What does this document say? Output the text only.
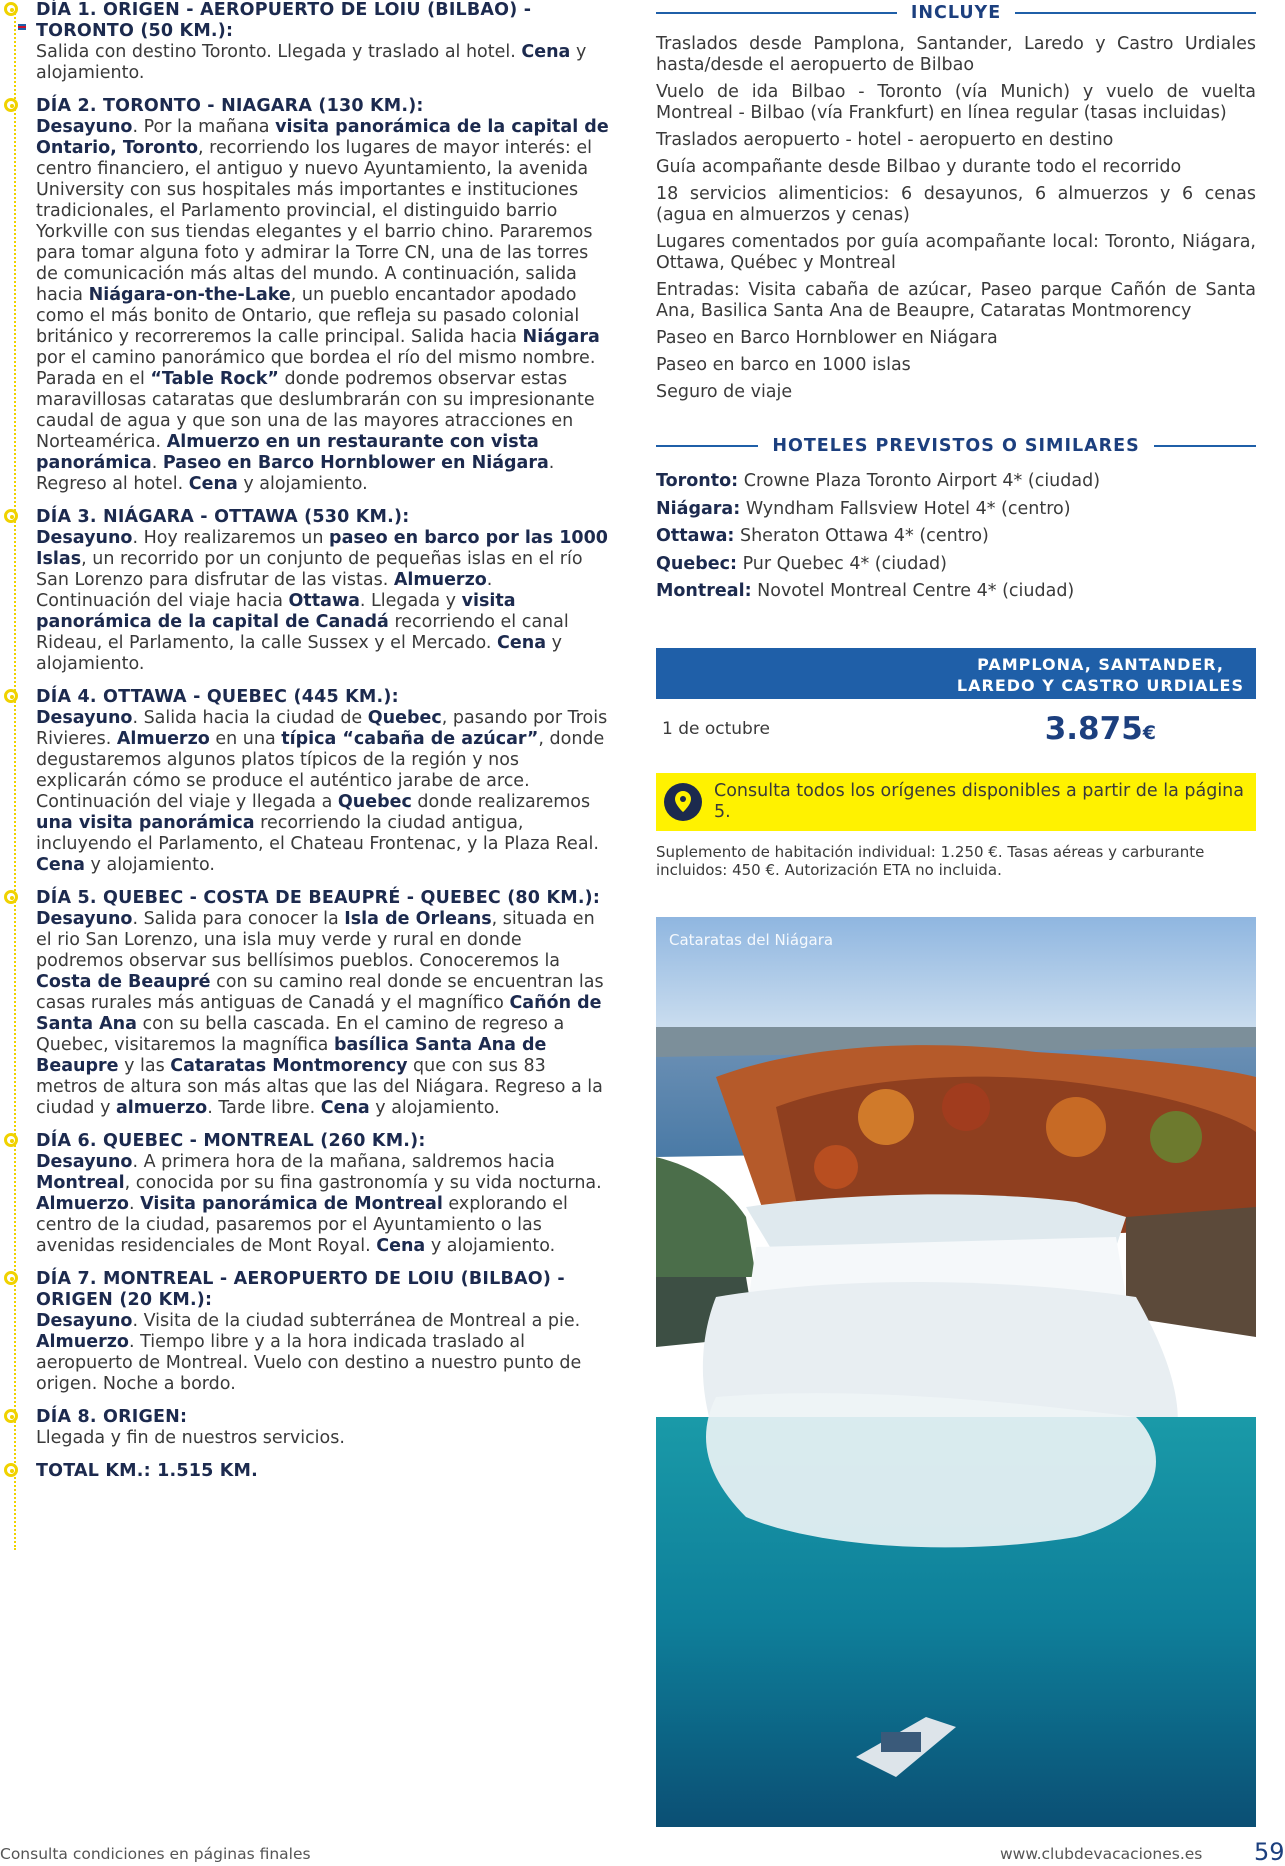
DÍA 1. ORIGEN - AEROPUERTO DE LOIU (BILBAO) - TORONTO (50 KM.):
Salida con destino Toronto. Llegada y traslado al hotel. Cena y alojamiento.
DÍA 2. TORONTO - NIAGARA (130 KM.):
Desayuno. Por la mañana visita panorámica de la capital de Ontario, Toronto, recorriendo los lugares de mayor interés: el centro financiero, el antiguo y nuevo Ayuntamiento, la avenida University con sus hospitales más importantes e instituciones tradicionales, el Parlamento provincial, el distinguido barrio Yorkville con sus tiendas elegantes y el barrio chino. Pararemos para tomar alguna foto y admirar la Torre CN, una de las torres de comunicación más altas del mundo. A continuación, salida hacia Niágara-on-the-Lake, un pueblo encantador apodado como el más bonito de Ontario, que refleja su pasado colonial británico y recorreremos la calle principal. Salida hacia Niágara por el camino panorámico que bordea el río del mismo nombre. Parada en el “Table Rock” donde podremos observar estas maravillosas cataratas que deslumbrarán con su impresionante caudal de agua y que son una de las mayores atracciones en Norteamérica. Almuerzo en un restaurante con vista panorámica. Paseo en Barco Hornblower en Niágara. Regreso al hotel. Cena y alojamiento.
DÍA 3. NIÁGARA - OTTAWA (530 KM.):
Desayuno. Hoy realizaremos un paseo en barco por las 1000 Islas, un recorrido por un conjunto de pequeñas islas en el río San Lorenzo para disfrutar de las vistas. Almuerzo. Continuación del viaje hacia Ottawa. Llegada y visita panorámica de la capital de Canadá recorriendo el canal Rideau, el Parlamento, la calle Sussex y el Mercado. Cena y alojamiento.
DÍA 4. OTTAWA - QUEBEC (445 KM.):
Desayuno. Salida hacia la ciudad de Quebec, pasando por Trois Rivieres. Almuerzo en una típica “cabaña de azúcar”, donde degustaremos algunos platos típicos de la región y nos explicarán cómo se produce el auténtico jarabe de arce. Continuación del viaje y llegada a Quebec donde realizaremos una visita panorámica recorriendo la ciudad antigua, incluyendo el Parlamento, el Chateau Frontenac, y la Plaza Real. Cena y alojamiento.
DÍA 5. QUEBEC - COSTA DE BEAUPRÉ - QUEBEC (80 KM.):
Desayuno. Salida para conocer la Isla de Orleans, situada en el rio San Lorenzo, una isla muy verde y rural en donde podremos observar sus bellísimos pueblos. Conoceremos la Costa de Beaupré con su camino real donde se encuentran las casas rurales más antiguas de Canadá y el magnífico Cañón de Santa Ana con su bella cascada. En el camino de regreso a Quebec, visitaremos la magnífica basílica Santa Ana de Beaupre y las Cataratas Montmorency que con sus 83 metros de altura son más altas que las del Niágara. Regreso a la ciudad y almuerzo. Tarde libre. Cena y alojamiento.
DÍA 6. QUEBEC - MONTREAL (260 KM.):
Desayuno. A primera hora de la mañana, saldremos hacia Montreal, conocida por su fina gastronomía y su vida nocturna. Almuerzo. Visita panorámica de Montreal explorando el centro de la ciudad, pasaremos por el Ayuntamiento o las avenidas residenciales de Mont Royal. Cena y alojamiento.
DÍA 7. MONTREAL - AEROPUERTO DE LOIU (BILBAO) - ORIGEN (20 KM.):
Desayuno. Visita de la ciudad subterránea de Montreal a pie. Almuerzo. Tiempo libre y a la hora indicada traslado al aeropuerto de Montreal. Vuelo con destino a nuestro punto de origen. Noche a bordo.
DÍA 8. ORIGEN:
Llegada y fin de nuestros servicios.
TOTAL KM.: 1.515 KM.
INCLUYE
Traslados desde Pamplona, Santander, Laredo y Castro Urdiales hasta/desde el aeropuerto de Bilbao
Vuelo de ida Bilbao - Toronto (vía Munich) y vuelo de vuelta Montreal - Bilbao (vía Frankfurt) en línea regular (tasas incluidas)
Traslados aeropuerto - hotel - aeropuerto en destino
Guía acompañante desde Bilbao y durante todo el recorrido
18 servicios alimenticios: 6 desayunos, 6 almuerzos y 6 cenas (agua en almuerzos y cenas)
Lugares comentados por guía acompañante local: Toronto, Niágara, Ottawa, Québec y Montreal
Entradas: Visita cabaña de azúcar, Paseo parque Cañón de Santa Ana, Basilica Santa Ana de Beaupre, Cataratas Montmorency
Paseo en Barco Hornblower en Niágara
Paseo en barco en 1000 islas
Seguro de viaje
HOTELES PREVISTOS O SIMILARES
Toronto: Crowne Plaza Toronto Airport 4* (ciudad)
Niágara: Wyndham Fallsview Hotel 4* (centro)
Ottawa: Sheraton Ottawa 4* (centro)
Quebec: Pur Quebec 4* (ciudad)
Montreal: Novotel Montreal Centre 4* (ciudad)
PAMPLONA, SANTANDER,
LAREDO Y CASTRO URDIALES
1 de octubre	3.875€
Consulta todos los orígenes disponibles a partir de la página 5.
Suplemento de habitación individual: 1.250 €. Tasas aéreas y carburante incluidos: 450 €. Autorización ETA no incluida.
Cataratas del Niágara
Consulta condiciones en páginas finales	www.clubdevacaciones.es 59
